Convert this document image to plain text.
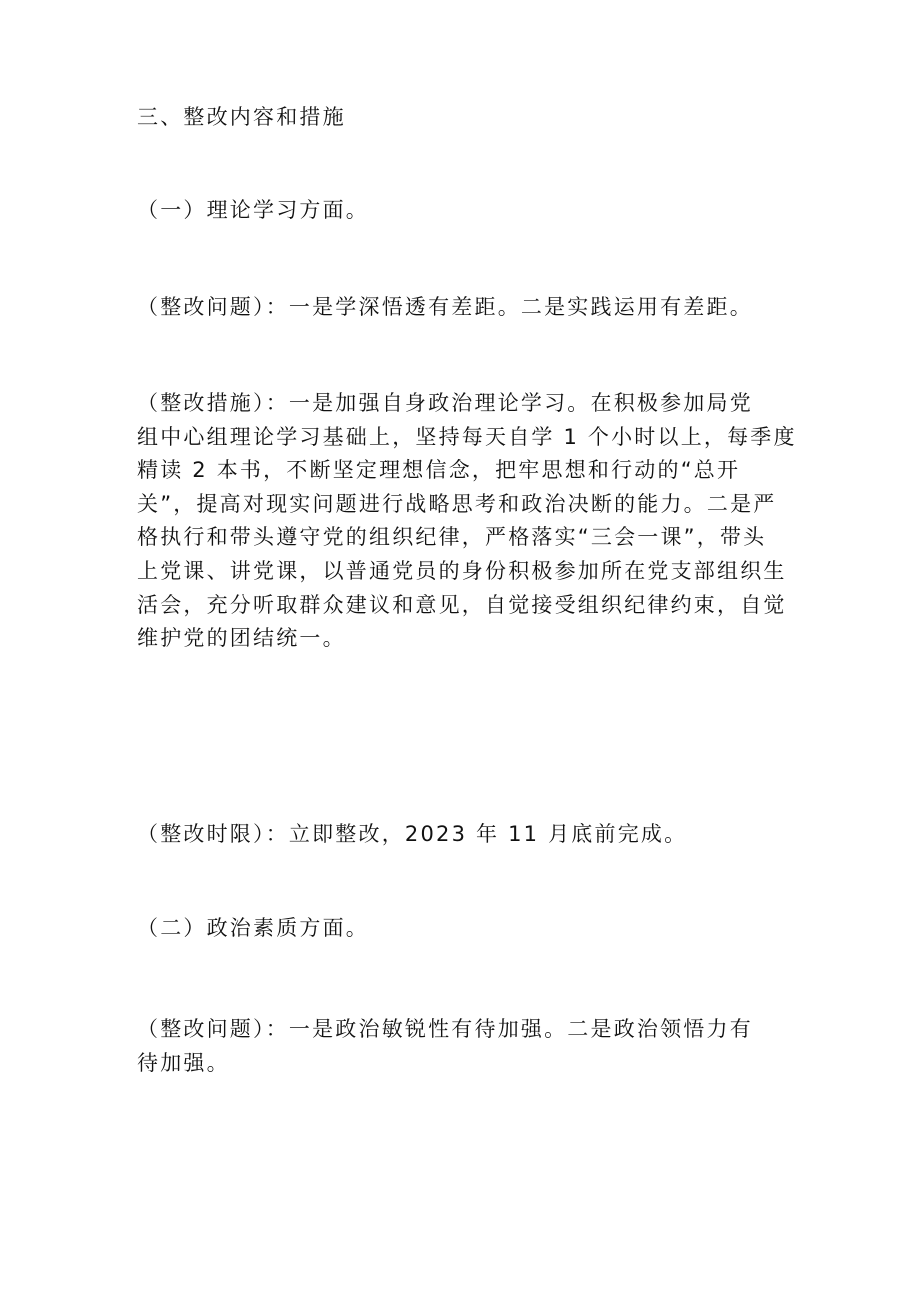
三、整改内容和措施
（一）理论学习方面。
（整改问题）：一是学深悟透有差距。二是实践运用有差距。
（整改措施）：一是加强自身政治理论学习。在积极参加局党
组中心组理论学习基础上，坚持每天自学 1 个小时以上，每季度
精读 2 本书，不断坚定理想信念，把牢思想和行动的“总开
关”，提高对现实问题进行战略思考和政治决断的能力。二是严
格执行和带头遵守党的组织纪律，严格落实“三会一课”，带头
上党课、讲党课，以普通党员的身份积极参加所在党支部组织生
活会，充分听取群众建议和意见，自觉接受组织纪律约束，自觉
维护党的团结统一。
（整改时限）：立即整改，2023 年 11 月底前完成。
（二）政治素质方面。
（整改问题）：一是政治敏锐性有待加强。二是政治领悟力有
待加强。
